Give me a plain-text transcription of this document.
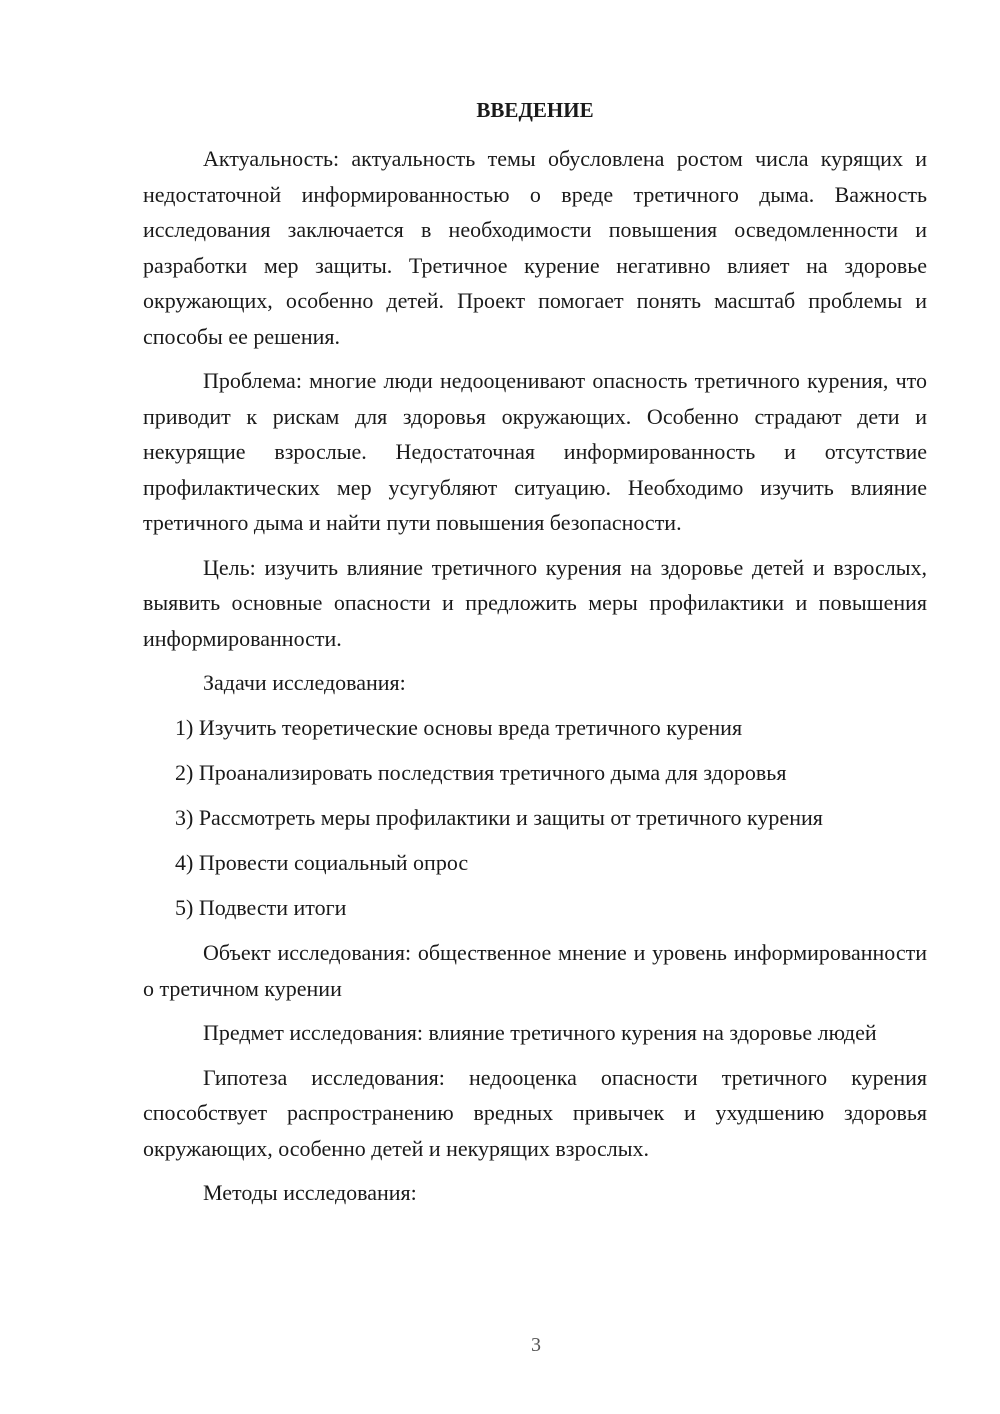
ВВЕДЕНИЕ

Актуальность: актуальность темы обусловлена ростом числа курящих и недостаточной информированностью о вреде третичного дыма. Важность исследования заключается в необходимости повышения осведомленности и разработки мер защиты. Третичное курение негативно влияет на здоровье окружающих, особенно детей. Проект помогает понять масштаб проблемы и способы ее решения.

Проблема: многие люди недооценивают опасность третичного курения, что приводит к рискам для здоровья окружающих. Особенно страдают дети и некурящие взрослые. Недостаточная информированность и отсутствие профилактических мер усугубляют ситуацию. Необходимо изучить влияние третичного дыма и найти пути повышения безопасности.

Цель: изучить влияние третичного курения на здоровье детей и взрослых, выявить основные опасности и предложить меры профилактики и повышения информированности.

Задачи исследования:

1) Изучить теоретические основы вреда третичного курения
2) Проанализировать последствия третичного дыма для здоровья
3) Рассмотреть меры профилактики и защиты от третичного курения
4) Провести социальный опрос
5) Подвести итоги

Объект исследования: общественное мнение и уровень информированности о третичном курении

Предмет исследования: влияние третичного курения на здоровье людей

Гипотеза исследования: недооценка опасности третичного курения способствует распространению вредных привычек и ухудшению здоровья окружающих, особенно детей и некурящих взрослых.

Методы исследования:

3
